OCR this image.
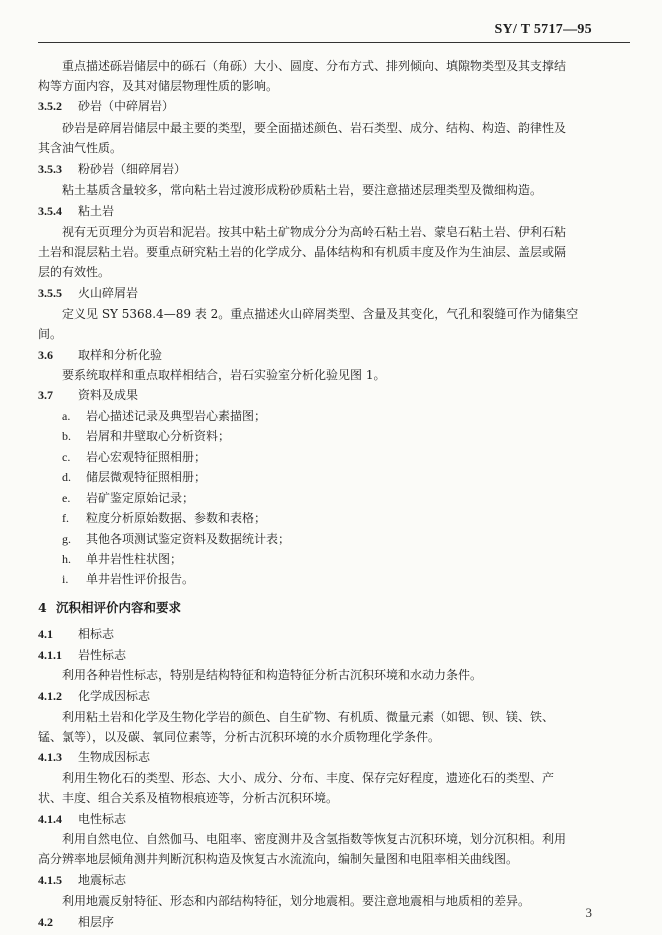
SY/ T 5717—95
重点描述砾岩储层中的砾石（角砾）大小、圆度、分布方式、排列倾向、填隙物类型及其支撑结
构等方面内容，及其对储层物理性质的影响。
3.5.2 砂岩（中碎屑岩）
砂岩是碎屑岩储层中最主要的类型，要全面描述颜色、岩石类型、成分、结构、构造、韵律性及
其含油气性质。
3.5.3 粉砂岩（细碎屑岩）
粘土基质含量较多，常向粘土岩过渡形成粉砂质粘土岩，要注意描述层理类型及微细构造。
3.5.4 粘土岩
视有无页理分为页岩和泥岩。按其中粘土矿物成分分为高岭石粘土岩、蒙皂石粘土岩、伊利石粘
土岩和混层粘土岩。要重点研究粘土岩的化学成分、晶体结构和有机质丰度及作为生油层、盖层或隔
层的有效性。
3.5.5 火山碎屑岩
定义见 SY 5368.4—89 表 2。重点描述火山碎屑类型、含量及其变化，气孔和裂缝可作为储集空
间。
3.6 取样和分析化验
要系统取样和重点取样相结合，岩石实验室分析化验见图 1。
3.7 资料及成果
a. 岩心描述记录及典型岩心素描图；
b. 岩屑和井壁取心分析资料；
c. 岩心宏观特征照相册；
d. 储层微观特征照相册；
e. 岩矿鉴定原始记录；
f. 粒度分析原始数据、参数和表格；
g. 其他各项测试鉴定资料及数据统计表；
h. 单井岩性柱状图；
i. 单井岩性评价报告。
4 沉积相评价内容和要求
4.1 相标志
4.1.1 岩性标志
利用各种岩性标志，特别是结构特征和构造特征分析古沉积环境和水动力条件。
4.1.2 化学成因标志
利用粘土岩和化学及生物化学岩的颜色、自生矿物、有机质、微量元素（如锶、钡、镁、铁、
锰、氯等），以及碳、氧同位素等，分析古沉积环境的水介质物理化学条件。
4.1.3 生物成因标志
利用生物化石的类型、形态、大小、成分、分布、丰度、保存完好程度，遗迹化石的类型、产
状、丰度、组合关系及植物根痕迹等，分析古沉积环境。
4.1.4 电性标志
利用自然电位、自然伽马、电阻率、密度测井及含氢指数等恢复古沉积环境，划分沉积相。利用
高分辨率地层倾角测井判断沉积构造及恢复古水流流向，编制矢量图和电阻率相关曲线图。
4.1.5 地震标志
利用地震反射特征、形态和内部结构特征，划分地震相。要注意地震相与地质相的差异。
4.2 相层序
3
